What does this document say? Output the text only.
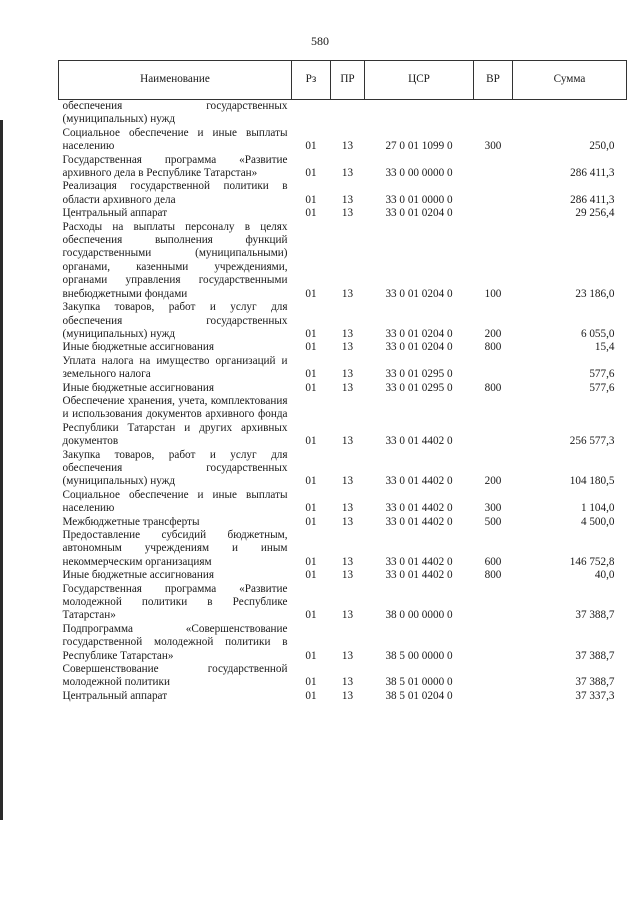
580
Наименование	Рз	ПР	ЦСР	ВР	Сумма
обеспечения государственных (муниципальных) нужд					
Социальное обеспечение и иные выплаты населению	01	13	27 0 01 1099 0	300	250,0
Государственная программа «Развитие архивного дела в Республике Татарстан»	01	13	33 0 00 0000 0		286 411,3
Реализация государственной политики в области архивного дела	01	13	33 0 01 0000 0		286 411,3
Центральный аппарат	01	13	33 0 01 0204 0		29 256,4
Расходы на выплаты персоналу в целях обеспечения выполнения функций государственными (муниципальными) органами, казенными учреждениями, органами управления государственными внебюджетными фондами	01	13	33 0 01 0204 0	100	23 186,0
Закупка товаров, работ и услуг для обеспечения государственных (муниципальных) нужд	01	13	33 0 01 0204 0	200	6 055,0
Иные бюджетные ассигнования	01	13	33 0 01 0204 0	800	15,4
Уплата налога на имущество организаций и земельного налога	01	13	33 0 01 0295 0		577,6
Иные бюджетные ассигнования	01	13	33 0 01 0295 0	800	577,6
Обеспечение хранения, учета, комплектования и использования документов архивного фонда Республики Татарстан и других архивных документов	01	13	33 0 01 4402 0		256 577,3
Закупка товаров, работ и услуг для обеспечения государственных (муниципальных) нужд	01	13	33 0 01 4402 0	200	104 180,5
Социальное обеспечение и иные выплаты населению	01	13	33 0 01 4402 0	300	1 104,0
Межбюджетные трансферты	01	13	33 0 01 4402 0	500	4 500,0
Предоставление субсидий бюджетным, автономным учреждениям и иным некоммерческим организациям	01	13	33 0 01 4402 0	600	146 752,8
Иные бюджетные ассигнования	01	13	33 0 01 4402 0	800	40,0
Государственная программа «Развитие молодежной политики в Республике Татарстан»	01	13	38 0 00 0000 0		37 388,7
Подпрограмма «Совершенствование государственной молодежной политики в Республике Татарстан»	01	13	38 5 00 0000 0		37 388,7
Совершенствование государственной молодежной политики	01	13	38 5 01 0000 0		37 388,7
Центральный аппарат	01	13	38 5 01 0204 0		37 337,3
